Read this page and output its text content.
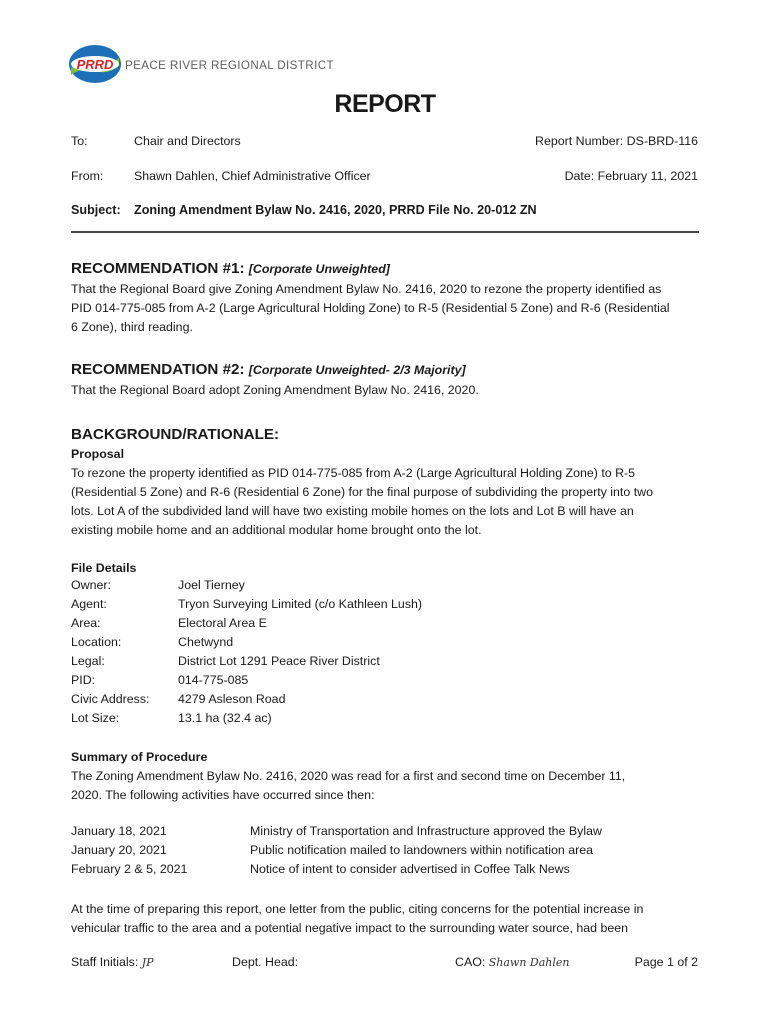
PRRD PEACE RIVER REGIONAL DISTRICT
REPORT
To:	Chair and Directors	Report Number: DS-BRD-116
From: Shawn Dahlen, Chief Administrative Officer	Date: February 11, 2021
Subject: Zoning Amendment Bylaw No. 2416, 2020, PRRD File No. 20-012 ZN
RECOMMENDATION #1: [Corporate Unweighted]
That the Regional Board give Zoning Amendment Bylaw No. 2416, 2020 to rezone the property identified as
PID 014-775-085 from A-2 (Large Agricultural Holding Zone) to R-5 (Residential 5 Zone) and R-6 (Residential
6 Zone), third reading.
RECOMMENDATION #2: [Corporate Unweighted- 2/3 Majority]
That the Regional Board adopt Zoning Amendment Bylaw No. 2416, 2020.
BACKGROUND/RATIONALE:
Proposal
To rezone the property identified as PID 014-775-085 from A-2 (Large Agricultural Holding Zone) to R-5
(Residential 5 Zone) and R-6 (Residential 6 Zone) for the final purpose of subdividing the property into two
lots. Lot A of the subdivided land will have two existing mobile homes on the lots and Lot B will have an
existing mobile home and an additional modular home brought onto the lot.
File Details
Owner:	Joel Tierney
Agent:	Tryon Surveying Limited (c/o Kathleen Lush)
Area:	Electoral Area E
Location:	Chetwynd
Legal:	District Lot 1291 Peace River District
PID:	014-775-085
Civic Address: 4279 Asleson Road
Lot Size:	13.1 ha (32.4 ac)
Summary of Procedure
The Zoning Amendment Bylaw No. 2416, 2020 was read for a first and second time on December 11,
2020. The following activities have occurred since then:
January 18, 2021	Ministry of Transportation and Infrastructure approved the Bylaw
January 20, 2021	Public notification mailed to landowners within notification area
February 2 & 5, 2021	Notice of intent to consider advertised in Coffee Talk News
At the time of preparing this report, one letter from the public, citing concerns for the potential increase in
vehicular traffic to the area and a potential negative impact to the surrounding water source, had been
Staff Initials: JP	Dept. Head:	CAO: Shawn Dahlen	Page 1 of 2
